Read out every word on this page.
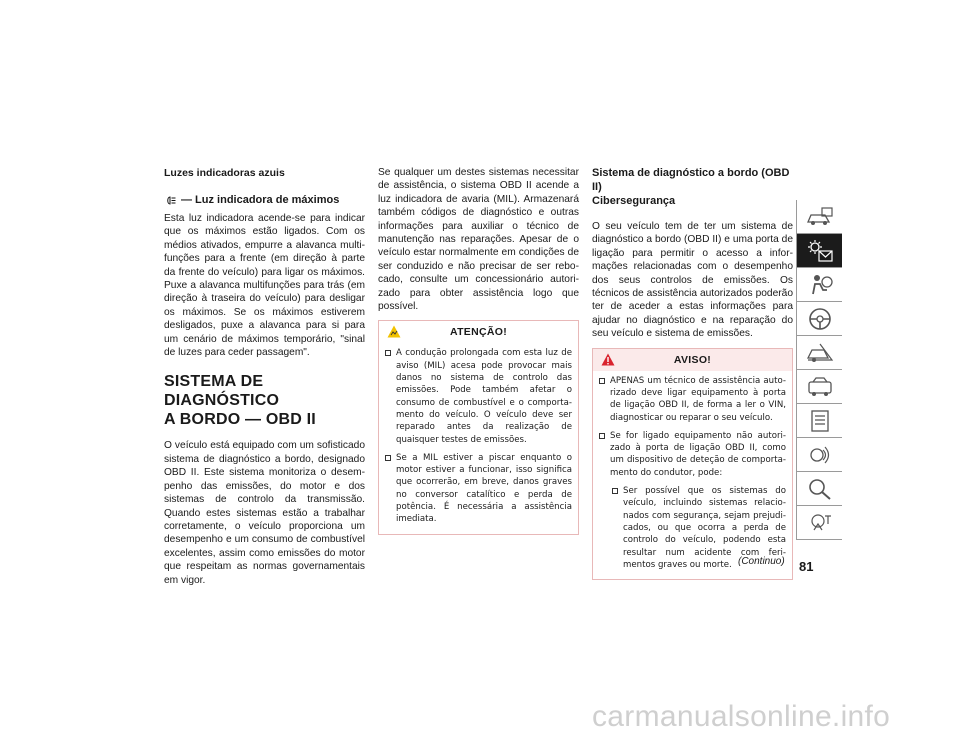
Luzes indicadoras azuis
— Luz indicadora de máximos

Esta luz indicadora acende-se para indicar que os máximos estão ligados. Com os médios ativados, empurre a alavanca multi-funções para a frente (em direção à parte da frente do veículo) para ligar os máximos. Puxe a alavanca multifunções para trás (em direção à traseira do veículo) para desligar os máximos. Se os máximos estiverem desligados, puxe a alavanca para si para um cenário de máximos temporário, "sinal de luzes para ceder passagem".

SISTEMA DE DIAGNÓSTICO
A BORDO — OBD II

O veículo está equipado com um sofisticado sistema de diagnóstico a bordo, designado OBD II. Este sistema monitoriza o desem-penho das emissões, do motor e dos sistemas de controlo da transmissão. Quando estes sistemas estão a trabalhar corretamente, o veículo proporciona um desempenho e um consumo de combustível excelentes, assim como emissões do motor que respeitam as normas governamentais em vigor.

Se qualquer um destes sistemas necessitar de assistência, o sistema OBD II acende a luz indicadora de avaria (MIL). Armazenará também códigos de diagnóstico e outras informações para auxiliar o técnico de manutenção nas reparações. Apesar de o veículo estar normalmente em condições de ser conduzido e não precisar de ser rebo-cado, consulte um concessionário autori-zado para obter assistência logo que possível.

ATENÇÃO!
A condução prolongada com esta luz de aviso (MIL) acesa pode provocar mais danos no sistema de controlo das emissões. Pode também afetar o consumo de combustível e o comporta-mento do veículo. O veículo deve ser reparado antes da realização de quaisquer testes de emissões.
Se a MIL estiver a piscar enquanto o motor estiver a funcionar, isso significa que ocorrerão, em breve, danos graves no conversor catalítico e perda de potência. É necessária a assistência imediata.
Sistema de diagnóstico a bordo (OBD II)
Cibersegurança

O seu veículo tem de ter um sistema de diagnóstico a bordo (OBD II) e uma porta de ligação para permitir o acesso a infor-mações relacionadas com o desempenho dos seus controlos de emissões. Os técnicos de assistência autorizados poderão ter de aceder a estas informações para ajudar no diagnóstico e na reparação do seu veículo e sistema de emissões.

AVISO!
APENAS um técnico de assistência auto-rizado deve ligar equipamento à porta de ligação OBD II, de forma a ler o VIN, diagnosticar ou reparar o seu veículo.
Se for ligado equipamento não autori-zado à porta de ligação OBD II, como um dispositivo de deteção de comporta-mento do condutor, pode:
Ser possível que os sistemas do veículo, incluindo sistemas relacio-nados com segurança, sejam prejudi-cados, ou que ocorra a perda de controlo do veículo, podendo esta resultar num acidente com feri-mentos graves ou morte. (Continuo) 81
carmanualsonline.info
